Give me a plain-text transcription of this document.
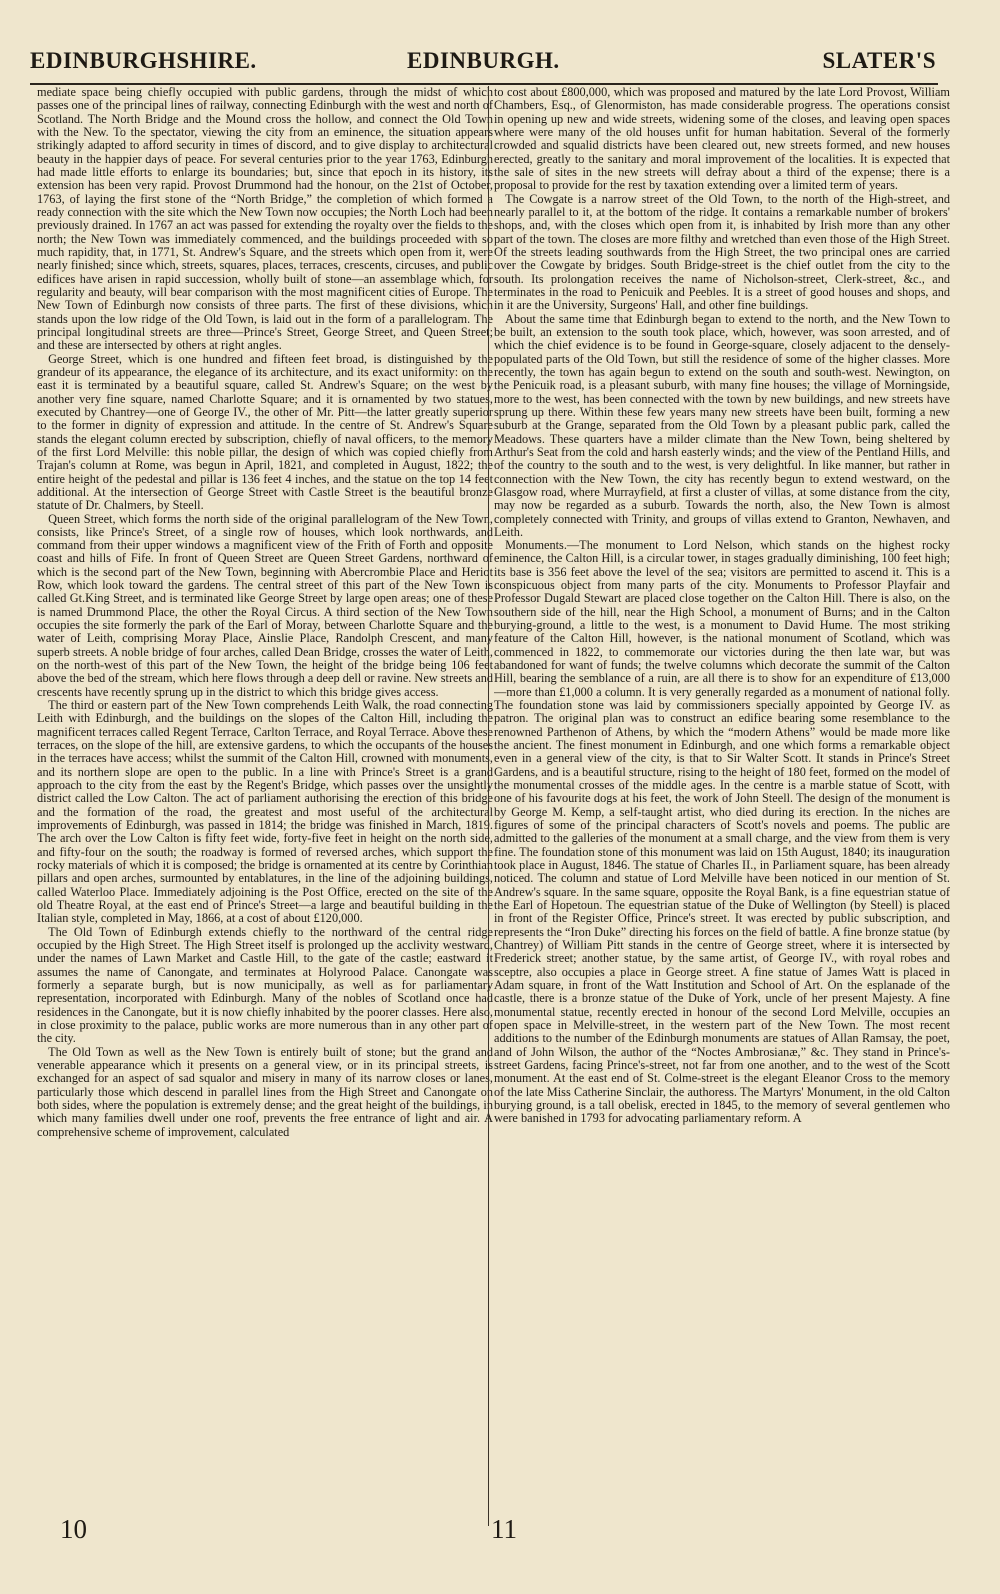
EDINBURGHSHIRE.	EDINBURGH.	SLATER'S

mediate space being chiefly occupied with public gardens, through the midst of which passes one of the principal lines of railway, connecting Edinburgh with the west and north of Scotland. The North Bridge and the Mound cross the hollow, and connect the Old Town with the New. To the spectator, viewing the city from an eminence, the situation appears strikingly adapted to afford security in times of discord, and to give display to architectural beauty in the happier days of peace. For several centuries prior to the year 1763, Edinburgh had made little efforts to enlarge its boundaries; but, since that epoch in its history, its extension has been very rapid. Provost Drummond had the honour, on the 21st of October, 1763, of laying the first stone of the “North Bridge,” the completion of which formed a ready connection with the site which the New Town now occupies; the North Loch had been previously drained. In 1767 an act was passed for extending the royalty over the fields to the north; the New Town was immediately commenced, and the buildings proceeded with so much rapidity, that, in 1771, St. Andrew's Square, and the streets which open from it, were nearly finished; since which, streets, squares, places, terraces, crescents, circuses, and public edifices have arisen in rapid succession, wholly built of stone—an assemblage which, for regularity and beauty, will bear comparison with the most magnificent cities of Europe. The New Town of Edinburgh now consists of three parts. The first of these divisions, which stands upon the low ridge of the Old Town, is laid out in the form of a parallelogram. The principal longitudinal streets are three—Prince's Street, George Street, and Queen Street; and these are intersected by others at right angles.

George Street, which is one hundred and fifteen feet broad, is distinguished by the grandeur of its appearance, the elegance of its architecture, and its exact uniformity: on the east it is terminated by a beautiful square, called St. Andrew's Square; on the west by another very fine square, named Charlotte Square; and it is ornamented by two statues, executed by Chantrey—one of George IV., the other of Mr. Pitt—the latter greatly superior to the former in dignity of expression and attitude. In the centre of St. Andrew's Square stands the elegant column erected by subscription, chiefly of naval officers, to the memory of the first Lord Melville: this noble pillar, the design of which was copied chiefly from Trajan's column at Rome, was begun in April, 1821, and completed in August, 1822; the entire height of the pedestal and pillar is 136 feet 4 inches, and the statue on the top 14 feet additional. At the intersection of George Street with Castle Street is the beautiful bronze statute of Dr. Chalmers, by Steell.

Queen Street, which forms the north side of the original parallelogram of the New Town, consists, like Prince's Street, of a single row of houses, which look northwards, and command from their upper windows a magnificent view of the Frith of Forth and opposite coast and hills of Fife. In front of Queen Street are Queen Street Gardens, northward of which is the second part of the New Town, beginning with Abercrombie Place and Heriot Row, which look toward the gardens. The central street of this part of the New Town is called Gt.King Street, and is terminated like George Street by large open areas; one of these is named Drummond Place, the other the Royal Circus. A third section of the New Town occupies the site formerly the park of the Earl of Moray, between Charlotte Square and the water of Leith, comprising Moray Place, Ainslie Place, Randolph Crescent, and many superb streets. A noble bridge of four arches, called Dean Bridge, crosses the water of Leith, on the north-west of this part of the New Town, the height of the bridge being 106 feet above the bed of the stream, which here flows through a deep dell or ravine. New streets and crescents have recently sprung up in the district to which this bridge gives access.

The third or eastern part of the New Town comprehends Leith Walk, the road connecting Leith with Edinburgh, and the buildings on the slopes of the Calton Hill, including the magnificent terraces called Regent Terrace, Carlton Terrace, and Royal Terrace. Above these terraces, on the slope of the hill, are extensive gardens, to which the occupants of the houses in the terraces have access; whilst the summit of the Calton Hill, crowned with monuments, and its northern slope are open to the public. In a line with Prince's Street is a grand approach to the city from the east by the Regent's Bridge, which passes over the unsightly district called the Low Calton. The act of parliament authorising the erection of this bridge and the formation of the road, the greatest and most useful of the architectural improvements of Edinburgh, was passed in 1814; the bridge was finished in March, 1819. The arch over the Low Calton is fifty feet wide, forty-five feet in height on the north side, and fifty-four on the south; the roadway is formed of reversed arches, which support the rocky materials of which it is composed; the bridge is ornamented at its centre by Corinthian pillars and open arches, surmounted by entablatures, in the line of the adjoining buildings, called Waterloo Place. Immediately adjoining is the Post Office, erected on the site of the old Theatre Royal, at the east end of Prince's Street—a large and beautiful building in the Italian style, completed in May, 1866, at a cost of about £120,000.

The Old Town of Edinburgh extends chiefly to the northward of the central ridge occupied by the High Street. The High Street itself is prolonged up the acclivity westward, under the names of Lawn Market and Castle Hill, to the gate of the castle; eastward it assumes the name of Canongate, and terminates at Holyrood Palace. Canongate was formerly a separate burgh, but is now municipally, as well as for parliamentary representation, incorporated with Edinburgh. Many of the nobles of Scotland once had residences in the Canongate, but it is now chiefly inhabited by the poorer classes. Here also, in close proximity to the palace, public works are more numerous than in any other part of the city.

The Old Town as well as the New Town is entirely built of stone; but the grand and venerable appearance which it presents on a general view, or in its principal streets, is exchanged for an aspect of sad squalor and misery in many of its narrow closes or lanes, particularly those which descend in parallel lines from the High Street and Canongate on both sides, where the population is extremely dense; and the great height of the buildings, in which many families dwell under one roof, prevents the free entrance of light and air. A comprehensive scheme of improvement, calculated

to cost about £800,000, which was proposed and matured by the late Lord Provost, William Chambers, Esq., of Glenormiston, has made considerable progress. The operations consist in opening up new and wide streets, widening some of the closes, and leaving open spaces where were many of the old houses unfit for human habitation. Several of the formerly crowded and squalid districts have been cleared out, new streets formed, and new houses erected, greatly to the sanitary and moral improvement of the localities. It is expected that the sale of sites in the new streets will defray about a third of the expense; there is a proposal to provide for the rest by taxation extending over a limited term of years.

The Cowgate is a narrow street of the Old Town, to the north of the High-street, and nearly parallel to it, at the bottom of the ridge. It contains a remarkable number of brokers' shops, and, with the closes which open from it, is inhabited by Irish more than any other part of the town. The closes are more filthy and wretched than even those of the High Street. Of the streets leading southwards from the High Street, the two principal ones are carried over the Cowgate by bridges. South Bridge-street is the chief outlet from the city to the south. Its prolongation receives the name of Nicholson-street, Clerk-street, &c., and terminates in the road to Penicuik and Peebles. It is a street of good houses and shops, and in it are the University, Surgeons' Hall, and other fine buildings.

About the same time that Edinburgh began to extend to the north, and the New Town to be built, an extension to the south took place, which, however, was soon arrested, and of which the chief evidence is to be found in George-square, closely adjacent to the densely-populated parts of the Old Town, but still the residence of some of the higher classes. More recently, the town has again begun to extend on the south and south-west. Newington, on the Penicuik road, is a pleasant suburb, with many fine houses; the village of Morningside, more to the west, has been connected with the town by new buildings, and new streets have sprung up there. Within these few years many new streets have been built, forming a new suburb at the Grange, separated from the Old Town by a pleasant public park, called the Meadows. These quarters have a milder climate than the New Town, being sheltered by Arthur's Seat from the cold and harsh easterly winds; and the view of the Pentland Hills, and of the country to the south and to the west, is very delightful. In like manner, but rather in connection with the New Town, the city has recently begun to extend westward, on the Glasgow road, where Murrayfield, at first a cluster of villas, at some distance from the city, may now be regarded as a suburb. Towards the north, also, the New Town is almost completely connected with Trinity, and groups of villas extend to Granton, Newhaven, and Leith.

Monuments.—The monument to Lord Nelson, which stands on the highest rocky eminence, the Calton Hill, is a circular tower, in stages gradually diminishing, 100 feet high; its base is 356 feet above the level of the sea; visitors are permitted to ascend it. This is a conspicuous object from many parts of the city. Monuments to Professor Playfair and Professor Dugald Stewart are placed close together on the Calton Hill. There is also, on the southern side of the hill, near the High School, a monument of Burns; and in the Calton burying-ground, a little to the west, is a monument to David Hume. The most striking feature of the Calton Hill, however, is the national monument of Scotland, which was commenced in 1822, to commemorate our victories during the then late war, but was abandoned for want of funds; the twelve columns which decorate the summit of the Calton Hill, bearing the semblance of a ruin, are all there is to show for an expenditure of £13,000—more than £1,000 a column. It is very generally regarded as a monument of national folly. The foundation stone was laid by commissioners specially appointed by George IV. as patron. The original plan was to construct an edifice bearing some resemblance to the renowned Parthenon of Athens, by which the “modern Athens” would be made more like the ancient. The finest monument in Edinburgh, and one which forms a remarkable object even in a general view of the city, is that to Sir Walter Scott. It stands in Prince's Street Gardens, and is a beautiful structure, rising to the height of 180 feet, formed on the model of the monumental crosses of the middle ages. In the centre is a marble statue of Scott, with one of his favourite dogs at his feet, the work of John Steell. The design of the monument is by George M. Kemp, a self-taught artist, who died during its erection. In the niches are figures of some of the principal characters of Scott's novels and poems. The public are admitted to the galleries of the monument at a small charge, and the view from them is very fine. The foundation stone of this monument was laid on 15th August, 1840; its inauguration took place in August, 1846. The statue of Charles II., in Parliament square, has been already noticed. The column and statue of Lord Melville have been noticed in our mention of St. Andrew's square. In the same square, opposite the Royal Bank, is a fine equestrian statue of the Earl of Hopetoun. The equestrian statue of the Duke of Wellington (by Steell) is placed in front of the Register Office, Prince's street. It was erected by public subscription, and represents the “Iron Duke” directing his forces on the field of battle. A fine bronze statue (by Chantrey) of William Pitt stands in the centre of George street, where it is intersected by Frederick street; another statue, by the same artist, of George IV., with royal robes and sceptre, also occupies a place in George street. A fine statue of James Watt is placed in Adam square, in front of the Watt Institution and School of Art. On the esplanade of the castle, there is a bronze statue of the Duke of York, uncle of her present Majesty. A fine monumental statue, recently erected in honour of the second Lord Melville, occupies an open space in Melville-street, in the western part of the New Town. The most recent additions to the number of the Edinburgh monuments are statues of Allan Ramsay, the poet, and of John Wilson, the author of the “Noctes Ambrosianæ,” &c. They stand in Prince's-street Gardens, facing Prince's-street, not far from one another, and to the west of the Scott monument. At the east end of St. Colme-street is the elegant Eleanor Cross to the memory of the late Miss Catherine Sinclair, the authoress. The Martyrs' Monument, in the old Calton burying ground, is a tall obelisk, erected in 1845, to the memory of several gentlemen who were banished in 1793 for advocating parliamentary reform. A

10	11
